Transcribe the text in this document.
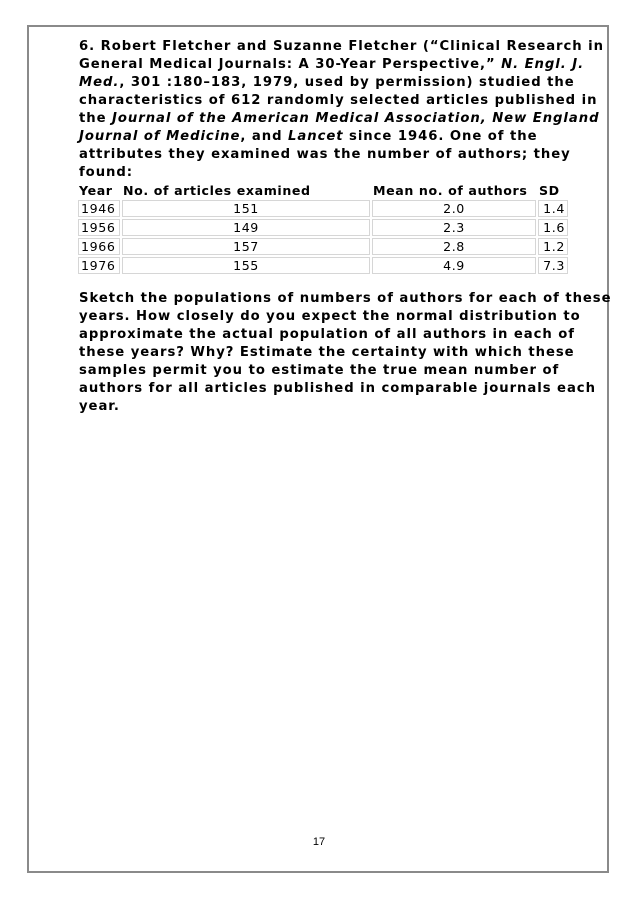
6. Robert Fletcher and Suzanne Fletcher (“Clinical Research in General Medical Journals: A 30-Year Perspective,” N. Engl. J. Med., 301 :180–183, 1979, used by permission) studied the characteristics of 612 randomly selected articles published in the Journal of the American Medical Association, New England Journal of Medicine, and Lancet since 1946. One of the attributes they examined was the number of authors; they found:
Year	No. of articles examined	Mean no. of authors	SD
1946	151	2.0	1.4
1956	149	2.3	1.6
1966	157	2.8	1.2
1976	155	4.9	7.3
Sketch the populations of numbers of authors for each of these years. How closely do you expect the normal distribution to approximate the actual population of all authors in each of these years? Why? Estimate the certainty with which these samples permit you to estimate the true mean number of authors for all articles published in comparable journals each year.
17
